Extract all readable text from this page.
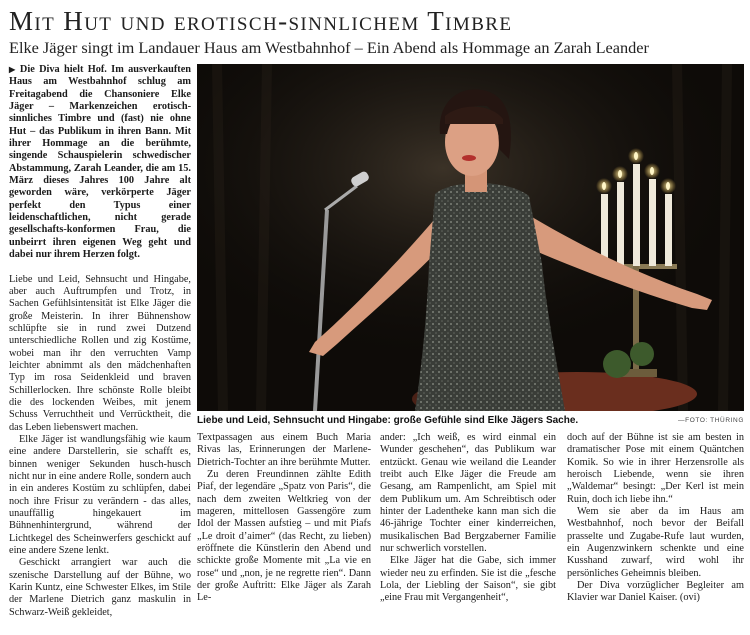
Mit Hut und erotisch-sinnlichem Timbre
Elke Jäger singt im Landauer Haus am Westbahnhof – Ein Abend als Hommage an Zarah Leander

▶ Die Diva hielt Hof. Im ausverkauften Haus am Westbahnhof schlug am Freitagabend die Chansoniere Elke Jäger – Markenzeichen erotisch-sinnliches Timbre und (fast) nie ohne Hut – das Publikum in ihren Bann. Mit ihrer Hommage an die berühmte, singende Schauspielerin schwedischer Abstammung, Zarah Leander, die am 15. März dieses Jahres 100 Jahre alt geworden wäre, verkörperte Jäger perfekt den Typus einer leidenschaftlichen, nicht gerade gesellschafts-konformen Frau, die unbeirrt ihren eigenen Weg geht und dabei nur ihrem Herzen folgt.

Liebe und Leid, Sehnsucht und Hingabe, aber auch Auftrumpfen und Trotz, in Sachen Gefühlsintensität ist Elke Jäger die große Meisterin. In ihrer Bühnenshow schlüpfte sie in rund zwei Dutzend unterschiedliche Rollen und zig Kostüme, wobei man ihr den verruchten Vamp leichter abnimmt als den mädchenhaften Typ im rosa Seidenkleid und braven Schillerlocken. Ihre schönste Rolle bleibt die des lockenden Weibes, mit jenem Schuss Verruchtheit und Verrücktheit, die das Leben liebenswert machen.

Elke Jäger ist wandlungsfähig wie kaum eine andere Darstellerin, sie schafft es, binnen weniger Sekunden husch-husch nicht nur in eine andere Rolle, sondern auch in ein anderes Kostüm zu schlüpfen, dabei noch ihre Frisur zu verändern - das alles, unauffällig hingekauert im Bühnenhintergrund, während der Lichtkegel des Scheinwerfers geschickt auf eine andere Szene lenkt.

Geschickt arrangiert war auch die szenische Darstellung auf der Bühne, wo Karin Kuntz, eine Schwester Elkes, im Stile der Marlene Dietrich ganz maskulin in Schwarz-Weiß gekleidet,

Liebe und Leid, Sehnsucht und Hingabe: große Gefühle sind Elke Jägers Sache.	—FOTO: THÜRING

Textpassagen aus einem Buch Maria Rivas las, Erinnerungen der Marlene-Dietrich-Tochter an ihre berühmte Mutter.

Zu deren Freundinnen zählte Edith Piaf, der legendäre „Spatz von Paris“, die nach dem zweiten Weltkrieg von der mageren, mittellosen Gassengöre zum Idol der Massen aufstieg – und mit Piafs „Le droit d’aimer“ (das Recht, zu lieben) eröffnete die Künstlerin den Abend und schickte große Momente mit „La vie en rose“ und „non, je ne regrette rien“. Dann der große Auftritt: Elke Jäger als Zarah Le-

ander: „Ich weiß, es wird einmal ein Wunder geschehen“, das Publikum war entzückt. Genau wie weiland die Leander treibt auch Elke Jäger die Freude am Gesang, am Rampenlicht, am Spiel mit dem Publikum um. Am Schreibtisch oder hinter der Ladentheke kann man sich die 46-jährige Tochter einer kinderreichen, musikalischen Bad Bergzaberner Familie nur schwerlich vorstellen.

Elke Jäger hat die Gabe, sich immer wieder neu zu erfinden. Sie ist die „fesche Lola, der Liebling der Saison“, sie gibt „eine Frau mit Vergangenheit“,

doch auf der Bühne ist sie am besten in dramatischer Pose mit einem Quäntchen Komik. So wie in ihrer Herzensrolle als heroisch Liebende, wenn sie ihren „Waldemar“ besingt: „Der Kerl ist mein Ruin, doch ich liebe ihn.“

Wem sie aber da im Haus am Westbahnhof, noch bevor der Beifall prasselte und Zugabe-Rufe laut wurden, ein Augenzwinkern schenkte und eine Kusshand zuwarf, wird wohl ihr persönliches Geheimnis bleiben.

Der Diva vorzüglicher Begleiter am Klavier war Daniel Kaiser. (ovi)
